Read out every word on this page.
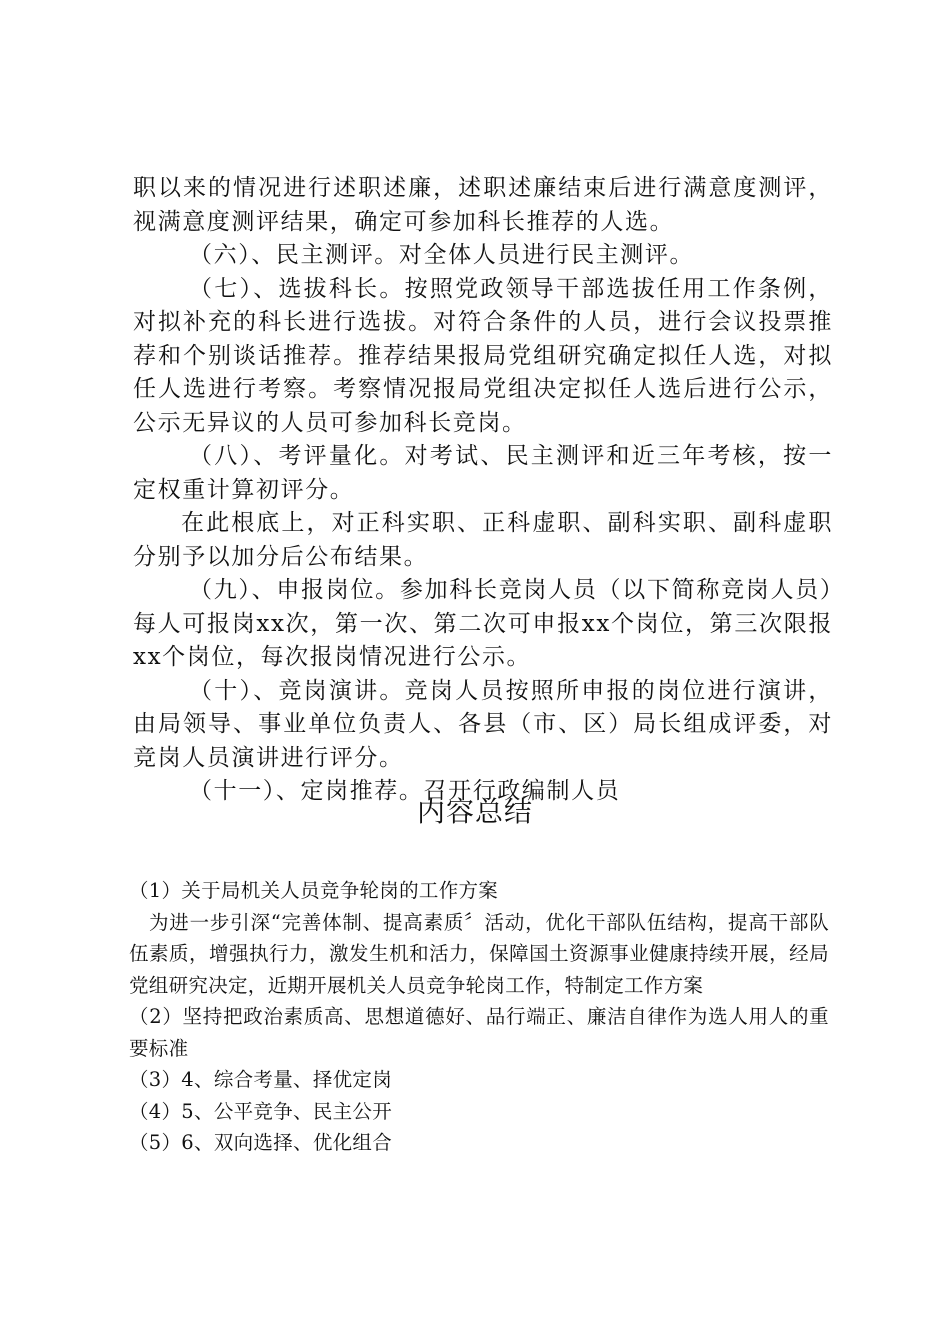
职以来的情况进行述职述廉，述职述廉结束后进行满意度测评，视满意度测评结果，确定可参加科长推荐的人选。

（六）、民主测评。对全体人员进行民主测评。

（七）、选拔科长。按照党政领导干部选拔任用工作条例，对拟补充的科长进行选拔。对符合条件的人员，进行会议投票推荐和个别谈话推荐。推荐结果报局党组研究确定拟任人选，对拟任人选进行考察。考察情况报局党组决定拟任人选后进行公示，公示无异议的人员可参加科长竞岗。

（八）、考评量化。对考试、民主测评和近三年考核，按一定权重计算初评分。

在此根底上，对正科实职、正科虚职、副科实职、副科虚职分别予以加分后公布结果。

（九）、申报岗位。参加科长竞岗人员（以下简称竞岗人员）每人可报岗xx次，第一次、第二次可申报xx个岗位，第三次限报xx个岗位，每次报岗情况进行公示。

（十）、竞岗演讲。竞岗人员按照所申报的岗位进行演讲，由局领导、事业单位负责人、各县（市、区）局长组成评委，对竞岗人员演讲进行评分。

（十一）、定岗推荐。召开行政编制人员

内容总结

（1）关于局机关人员竞争轮岗的工作方案

为进一步引深“完善体制、提高素质〞活动，优化干部队伍结构，提高干部队伍素质，增强执行力，激发生机和活力，保障国土资源事业健康持续开展，经局党组研究决定，近期开展机关人员竞争轮岗工作，特制定工作方案

（2）坚持把政治素质高、思想道德好、品行端正、廉洁自律作为选人用人的重要标准

（3）4、综合考量、择优定岗

（4）5、公平竞争、民主公开

（5）6、双向选择、优化组合
